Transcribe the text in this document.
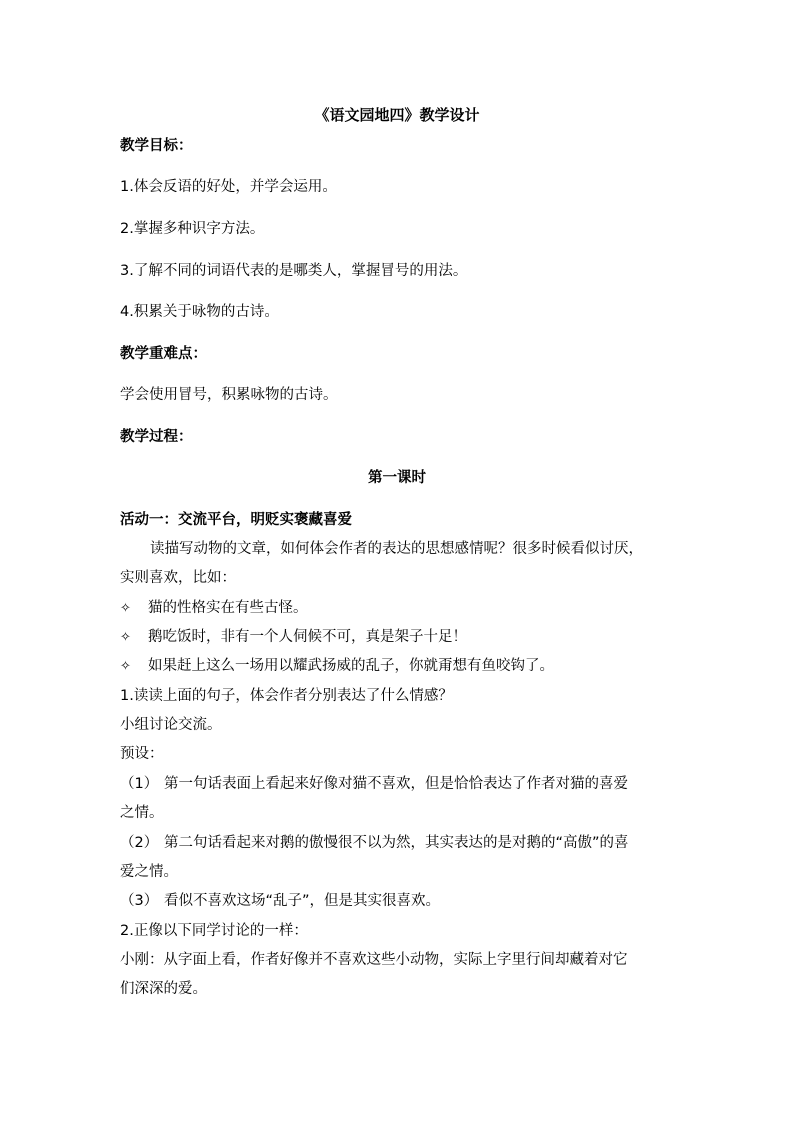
《语文园地四》教学设计
教学目标：
1.体会反语的好处，并学会运用。
2.掌握多种识字方法。
3.了解不同的词语代表的是哪类人，掌握冒号的用法。
4.积累关于咏物的古诗。
教学重难点：
学会使用冒号，积累咏物的古诗。
教学过程：
第一课时
活动一：交流平台，明贬实褒藏喜爱
读描写动物的文章，如何体会作者的表达的思想感情呢？很多时候看似讨厌，
实则喜欢，比如：
✧ 猫的性格实在有些古怪。
✧ 鹅吃饭时，非有一个人伺候不可，真是架子十足！
✧ 如果赶上这么一场用以耀武扬威的乱子，你就甭想有鱼咬钩了。
1.读读上面的句子，体会作者分别表达了什么情感？
小组讨论交流。
预设：
（1） 第一句话表面上看起来好像对猫不喜欢，但是恰恰表达了作者对猫的喜爱
之情。
（2） 第二句话看起来对鹅的傲慢很不以为然，其实表达的是对鹅的“高傲”的喜
爱之情。
（3） 看似不喜欢这场“乱子”，但是其实很喜欢。
2.正像以下同学讨论的一样：
小刚：从字面上看，作者好像并不喜欢这些小动物，实际上字里行间却藏着对它
们深深的爱。
